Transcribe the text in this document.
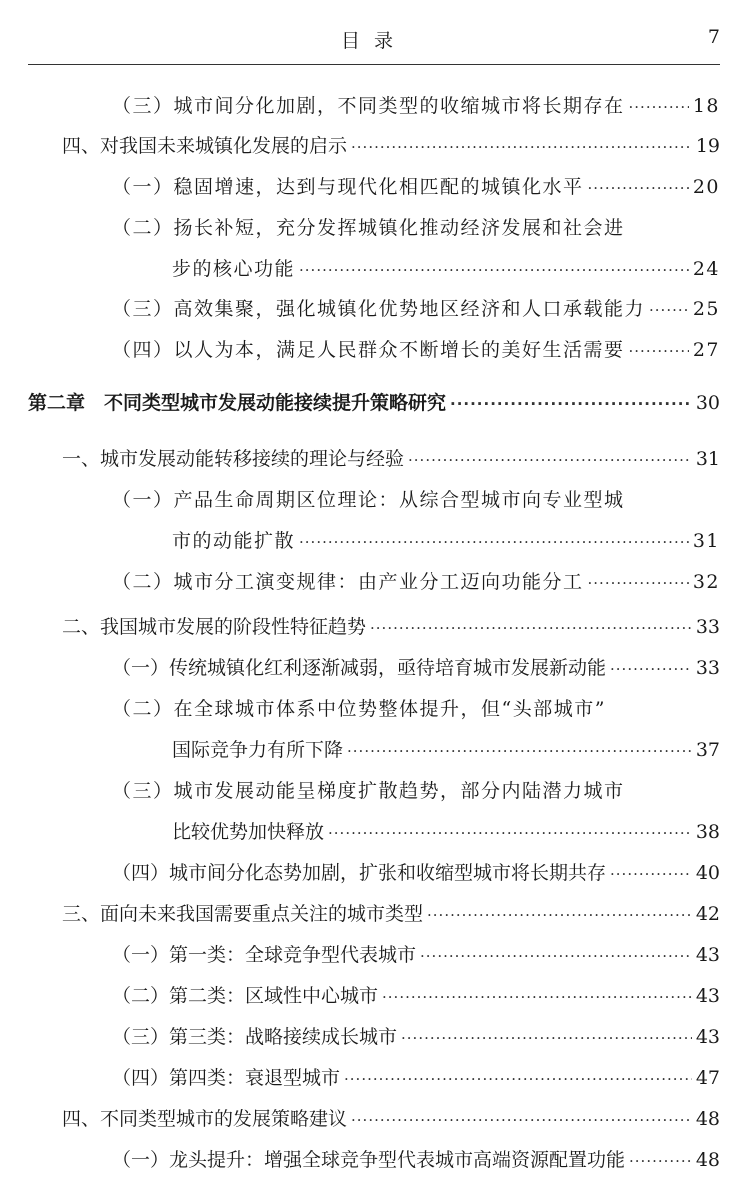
目录	7
（三）城市间分化加剧，不同类型的收缩城市将长期存在 ·····	18
四、对我国未来城镇化发展的启示 ·····	19
（一）稳固增速，达到与现代化相匹配的城镇化水平 ·····	20
（二）扬长补短，充分发挥城镇化推动经济发展和社会进
步的核心功能 ·····	24
（三）高效集聚，强化城镇化优势地区经济和人口承载能力 ·····	25
（四）以人为本，满足人民群众不断增长的美好生活需要 ·····	27
第二章　不同类型城市发展动能接续提升策略研究 ·····	30
一、城市发展动能转移接续的理论与经验 ·····	31
（一）产品生命周期区位理论：从综合型城市向专业型城
市的动能扩散 ·····	31
（二）城市分工演变规律：由产业分工迈向功能分工 ·····	32
二、我国城市发展的阶段性特征趋势 ·····	33
（一）传统城镇化红利逐渐减弱，亟待培育城市发展新动能 ·····	33
（二）在全球城市体系中位势整体提升，但“头部城市”
国际竞争力有所下降 ·····	37
（三）城市发展动能呈梯度扩散趋势，部分内陆潜力城市
比较优势加快释放 ·····	38
（四）城市间分化态势加剧，扩张和收缩型城市将长期共存 ·····	40
三、面向未来我国需要重点关注的城市类型 ·····	42
（一）第一类：全球竞争型代表城市 ·····	43
（二）第二类：区域性中心城市 ·····	43
（三）第三类：战略接续成长城市 ·····	43
（四）第四类：衰退型城市 ·····	47
四、不同类型城市的发展策略建议 ·····	48
（一）龙头提升：增强全球竞争型代表城市高端资源配置功能 ·····	48
